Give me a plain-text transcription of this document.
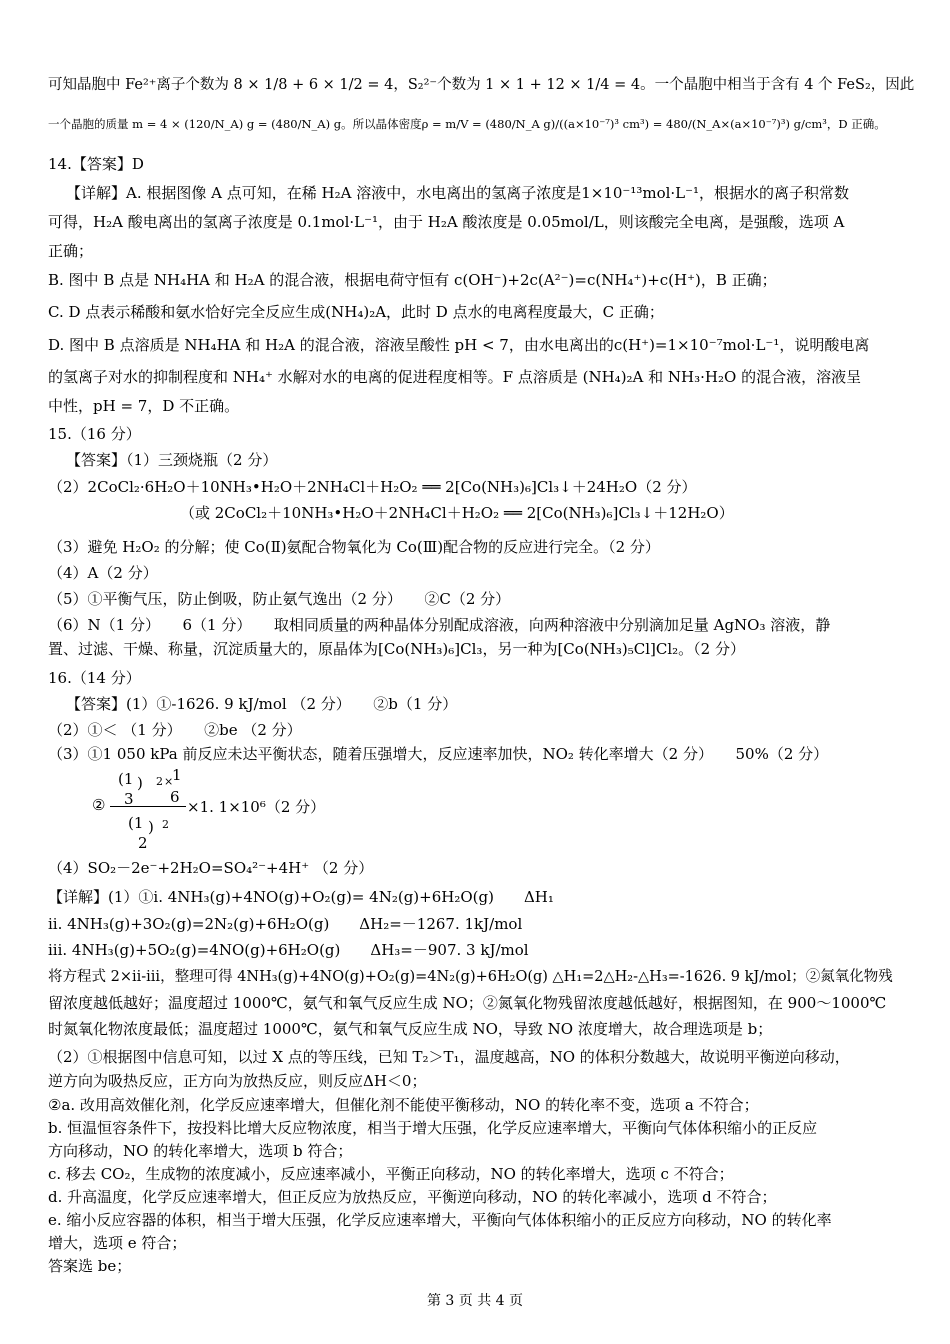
可知晶胞中 Fe²⁺离子个数为 8 × 1/8 + 6 × 1/2 = 4，S₂²⁻个数为 1 × 1 + 12 × 1/4 = 4。一个晶胞中相当于含有 4 个 FeS₂，因此
一个晶胞的质量 m = 4 × (120/N_A) g = (480/N_A) g。所以晶体密度ρ = m/V = (480/N_A g)/((a×10⁻⁷)³ cm³) = 480/(N_A×(a×10⁻⁷)³) g/cm³，D 正确。
14.【答案】D
【详解】A. 根据图像 A 点可知，在稀 H₂A 溶液中，水电离出的氢离子浓度是1×10⁻¹³mol·L⁻¹，根据水的离子积常数
可得，H₂A 酸电离出的氢离子浓度是 0.1mol·L⁻¹，由于 H₂A 酸浓度是 0.05mol/L，则该酸完全电离，是强酸，选项 A
正确；
B. 图中 B 点是 NH₄HA 和 H₂A 的混合液，根据电荷守恒有 c(OH⁻)+2c(A²⁻)=c(NH₄⁺)+c(H⁺)，B 正确；
C. D 点表示稀酸和氨水恰好完全反应生成(NH₄)₂A，此时 D 点水的电离程度最大，C 正确；
D. 图中 B 点溶质是 NH₄HA 和 H₂A 的混合液，溶液呈酸性 pH < 7，由水电离出的c(H⁺)=1×10⁻⁷mol·L⁻¹，说明酸电离
的氢离子对水的抑制程度和 NH₄⁺ 水解对水的电离的促进程度相等。F 点溶质是 (NH₄)₂A 和 NH₃·H₂O 的混合液，溶液呈
中性，pH = 7，D 不正确。
15.（16 分）
【答案】（1）三颈烧瓶（2 分）
（2）2CoCl₂·6H₂O＋10NH₃•H₂O＋2NH₄Cl＋H₂O₂ ══ 2[Co(NH₃)₆]Cl₃↓＋24H₂O（2 分）
（或 2CoCl₂＋10NH₃•H₂O＋2NH₄Cl＋H₂O₂ ══ 2[Co(NH₃)₆]Cl₃↓＋12H₂O）
（3）避免 H₂O₂ 的分解；使 Co(Ⅱ)氨配合物氧化为 Co(Ⅲ)配合物的反应进行完全。（2 分）
（4）A（2 分）
（5）①平衡气压，防止倒吸，防止氨气逸出（2 分）　　②C（2 分）
（6）N（1 分）　　6（1 分）　　取相同质量的两种晶体分别配成溶液，向两种溶液中分别滴加足量 AgNO₃ 溶液，静
置、过滤、干燥、称量，沉淀质量大的，原晶体为[Co(NH₃)₆]Cl₃，另一种为[Co(NH₃)₅Cl]Cl₂。（2 分）
16.（14 分）
【答案】(1）①-1626. 9 kJ/mol （2 分）　　②b（1 分）
（2）①＜ （1 分）　　②be （2 分）
（3）①1 050 kPa 前反应未达平衡状态，随着压强增大，反应速率加快，NO₂ 转化率增大（2 分）　　50%（2 分）
(1
3
) 2 ×
1
6
②	×1. 1×10⁶（2 分）
(1
2
) 2
（4）SO₂－2e⁻+2H₂O=SO₄²⁻+4H⁺ （2 分）
【详解】(1）①i. 4NH₃(g)+4NO(g)+O₂(g)= 4N₂(g)+6H₂O(g)　　ΔH₁
ii. 4NH₃(g)+3O₂(g)=2N₂(g)+6H₂O(g)　　ΔH₂=－1267. 1kJ/mol
iii. 4NH₃(g)+5O₂(g)=4NO(g)+6H₂O(g)　　ΔH₃=－907. 3 kJ/mol
将方程式 2×ii-iii，整理可得 4NH₃(g)+4NO(g)+O₂(g)=4N₂(g)+6H₂O(g) △H₁=2△H₂-△H₃=-1626. 9 kJ/mol；②氮氧化物残
留浓度越低越好；温度超过 1000℃，氨气和氧气反应生成 NO；②氮氧化物残留浓度越低越好，根据图知，在 900～1000℃
时氮氧化物浓度最低；温度超过 1000℃，氨气和氧气反应生成 NO，导致 NO 浓度增大，故合理选项是 b；
（2）①根据图中信息可知，以过 X 点的等压线，已知 T₂＞T₁，温度越高，NO 的体积分数越大，故说明平衡逆向移动，
逆方向为吸热反应，正方向为放热反应，则反应ΔH＜0；
②a. 改用高效催化剂，化学反应速率增大，但催化剂不能使平衡移动，NO 的转化率不变，选项 a 不符合；
b. 恒温恒容条件下，按投料比增大反应物浓度，相当于增大压强，化学反应速率增大，平衡向气体体积缩小的正反应
方向移动，NO 的转化率增大，选项 b 符合；
c. 移去 CO₂，生成物的浓度减小，反应速率减小，平衡正向移动，NO 的转化率增大，选项 c 不符合；
d. 升高温度，化学反应速率增大，但正反应为放热反应，平衡逆向移动，NO 的转化率减小，选项 d 不符合；
e. 缩小反应容器的体积，相当于增大压强，化学反应速率增大，平衡向气体体积缩小的正反应方向移动，NO 的转化率
增大，选项 e 符合；
答案选 be；
第 3 页 共 4 页
